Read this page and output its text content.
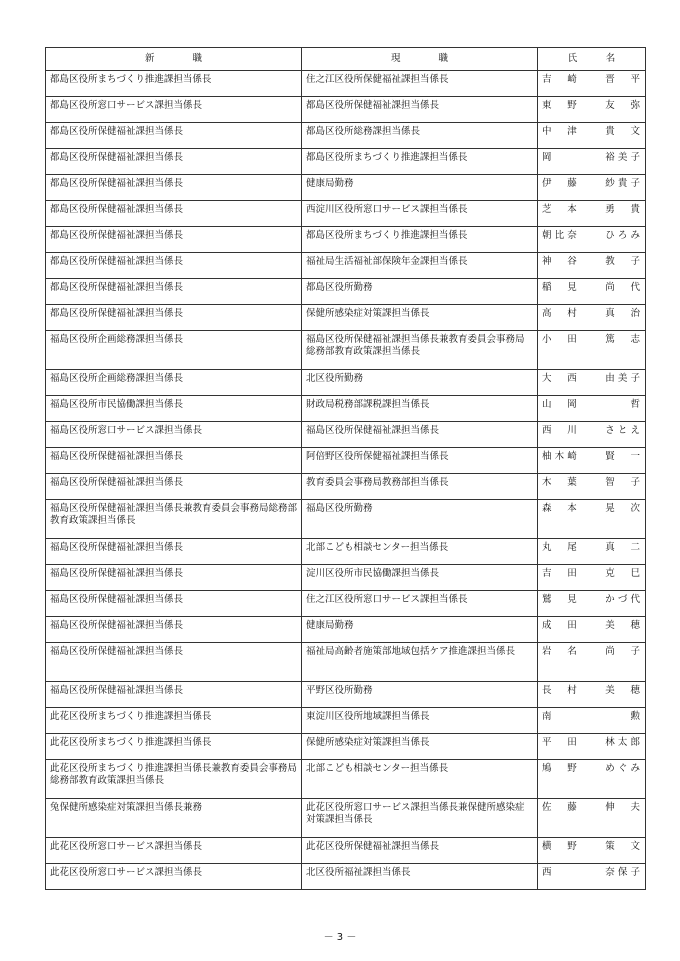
新　　　　職	現　　　　職	氏　　　名
都島区役所まちづくり推進課担当係長	住之江区役所保健福祉課担当係長	吉　崎　　晋　平
都島区役所窓口サービス課担当係長	都島区役所保健福祉課担当係長	東　野　　友　弥
都島区役所保健福祉課担当係長	都島区役所総務課担当係長	中　津　　貴　文
都島区役所保健福祉課担当係長	都島区役所まちづくり推進課担当係長	岡　　　　裕美子
都島区役所保健福祉課担当係長	健康局勤務	伊　藤　　紗貴子
都島区役所保健福祉課担当係長	西淀川区役所窓口サービス課担当係長	芝　本　　勇　貴
都島区役所保健福祉課担当係長	都島区役所まちづくり推進課担当係長	朝比奈　　ひろみ
都島区役所保健福祉課担当係長	福祉局生活福祉部保険年金課担当係長	神　谷　　教　子
都島区役所保健福祉課担当係長	都島区役所勤務	稲　見　　尚　代
都島区役所保健福祉課担当係長	保健所感染症対策課担当係長	高　村　　真　治
福島区役所企画総務課担当係長	福島区役所保健福祉課担当係長兼教育委員会事務局総務部教育政策課担当係長	小　田　　篤　志
福島区役所企画総務課担当係長	北区役所勤務	大　西　　由美子
福島区役所市民協働課担当係長	財政局税務部課税課担当係長	山　岡　　　　哲
福島区役所窓口サービス課担当係長	福島区役所保健福祉課担当係長	西　川　　さとえ
福島区役所保健福祉課担当係長	阿倍野区役所保健福祉課担当係長	柚木崎　　賢　一
福島区役所保健福祉課担当係長	教育委員会事務局教務部担当係長	木　葉　　智　子
福島区役所保健福祉課担当係長兼教育委員会事務局総務部教育政策課担当係長	福島区役所勤務	森　本　　晃　次
福島区役所保健福祉課担当係長	北部こども相談センター担当係長	丸　尾　　真　二
福島区役所保健福祉課担当係長	淀川区役所市民協働課担当係長	吉　田　　克　巳
福島区役所保健福祉課担当係長	住之江区役所窓口サービス課担当係長	鷲　見　　かづ代
福島区役所保健福祉課担当係長	健康局勤務	成　田　　美　穂
福島区役所保健福祉課担当係長	福祉局高齢者施策部地域包括ケア推進課担当係長	岩　名　　尚　子
福島区役所保健福祉課担当係長	平野区役所勤務	長　村　　美　穂
此花区役所まちづくり推進課担当係長	東淀川区役所地域課担当係長	南　　　　　　勲
此花区役所まちづくり推進課担当係長	保健所感染症対策課担当係長	平　田　　林太郎
此花区役所まちづくり推進課担当係長兼教育委員会事務局総務部教育政策課担当係長	北部こども相談センター担当係長	鳩　野　　めぐみ
兔保健所感染症対策課担当係長兼務	此花区役所窓口サービス課担当係長兼保健所感染症対策課担当係長	佐　藤　　伸　夫
此花区役所窓口サービス課担当係長	此花区役所保健福祉課担当係長	横　野　　策　文
此花区役所窓口サービス課担当係長	北区役所福祉課担当係長	西　　　　奈保子
－ 3 －
